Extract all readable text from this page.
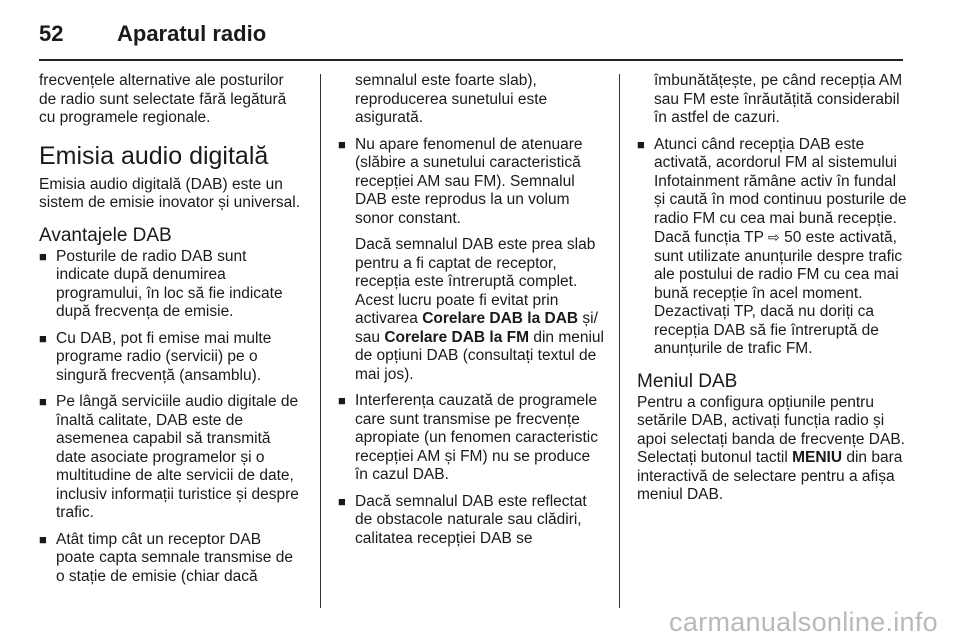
52	Aparatul radio

frecvențele alternative ale posturilor de radio sunt selectate fără legătură cu programele regionale.

Emisia audio digitală

Emisia audio digitală (DAB) este un sistem de emisie inovator și universal.

Avantajele DAB
■ Posturile de radio DAB sunt indicate după denumirea programului, în loc să fie indicate după frecvența de emisie.
■ Cu DAB, pot fi emise mai multe programe radio (servicii) pe o singură frecvență (ansamblu).
■ Pe lângă serviciile audio digitale de înaltă calitate, DAB este de asemenea capabil să transmită date asociate programelor și o multitudine de alte servicii de date, inclusiv informații turistice și despre trafic.
■ Atât timp cât un receptor DAB poate capta semnale transmise de o stație de emisie (chiar dacă

semnalul este foarte slab), reproducerea sunetului este asigurată.

■ Nu apare fenomenul de atenuare (slăbire a sunetului caracteristică recepției AM sau FM). Semnalul DAB este reprodus la un volum sonor constant.

Dacă semnalul DAB este prea slab pentru a fi captat de receptor, recepția este întreruptă complet. Acest lucru poate fi evitat prin activarea Corelare DAB la DAB și/ sau Corelare DAB la FM din meniul de opțiuni DAB (consultați textul de mai jos).

■ Interferența cauzată de programele care sunt transmise pe frecvențe apropiate (un fenomen caracteristic recepției AM și FM) nu se produce în cazul DAB.
■ Dacă semnalul DAB este reflectat de obstacole naturale sau clădiri, calitatea recepției DAB se

îmbunătățește, pe când recepția AM sau FM este înrăutățită considerabil în astfel de cazuri.

■ Atunci când recepția DAB este activată, acordorul FM al sistemului Infotainment rămâne activ în fundal și caută în mod continuu posturile de radio FM cu cea mai bună recepție. Dacă funcția TP ⇨ 50 este activată, sunt utilizate anunțurile despre trafic ale postului de radio FM cu cea mai bună recepție în acel moment. Dezactivați TP, dacă nu doriți ca recepția DAB să fie întreruptă de anunțurile de trafic FM.
Meniul DAB

Pentru a configura opțiunile pentru setările DAB, activați funcția radio și apoi selectați banda de frecvențe DAB. Selectați butonul tactil MENIU din bara interactivă de selectare pentru a afișa meniul DAB.

carmanualsonline.info
